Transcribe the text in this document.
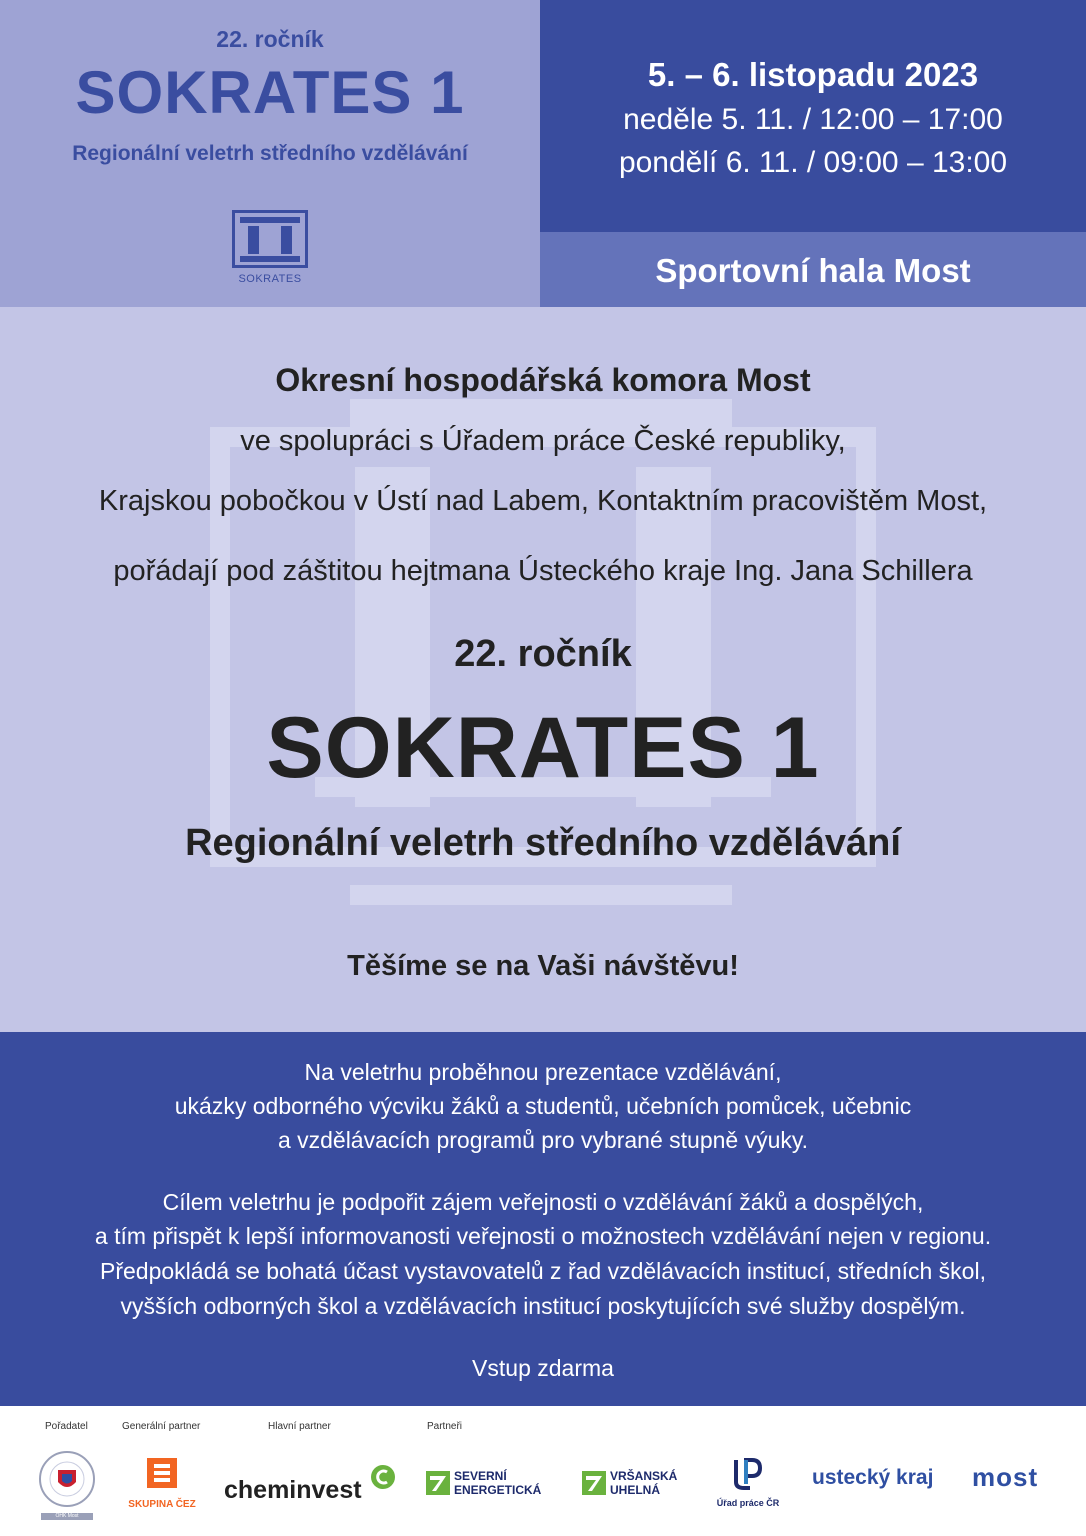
22. ročník
SOKRATES 1
Regionální veletrh středního vzdělávání
SOKRATES
5. – 6. listopadu 2023
neděle 5. 11. / 12:00 – 17:00
pondělí 6. 11. / 09:00 – 13:00
Sportovní hala Most
Okresní hospodářská komora Most
ve spolupráci s Úřadem práce České republiky,
Krajskou pobočkou v Ústí nad Labem, Kontaktním pracovištěm Most,
pořádají pod záštitou hejtmana Ústeckého kraje Ing. Jana Schillera
22. ročník
SOKRATES 1
Regionální veletrh středního vzdělávání
Těšíme se na Vaši návštěvu!
Na veletrhu proběhnou prezentace vzdělávání,
ukázky odborného výcviku žáků a studentů, učebních pomůcek, učebnic
a vzdělávacích programů pro vybrané stupně výuky.
Cílem veletrhu je podpořit zájem veřejnosti o vzdělávání žáků a dospělých,
a tím přispět k lepší informovanosti veřejnosti o možnostech vzdělávání nejen v regionu.
Předpokládá se bohatá účast vystavovatelů z řad vzdělávacích institucí, středních škol,
vyšších odborných škol a vzdělávacích institucí poskytujících své služby dospělým.
Vstup zdarma
Pořadatel	Generální partner	Hlavní partner	Partneři
OHK Most
SKUPINA ČEZ
cheminvest	SEVERNÍ
ENERGETICKÁ
VRŠANSKÁ
UHELNÁ
Úřad práce ČR
ustecký kraj most
